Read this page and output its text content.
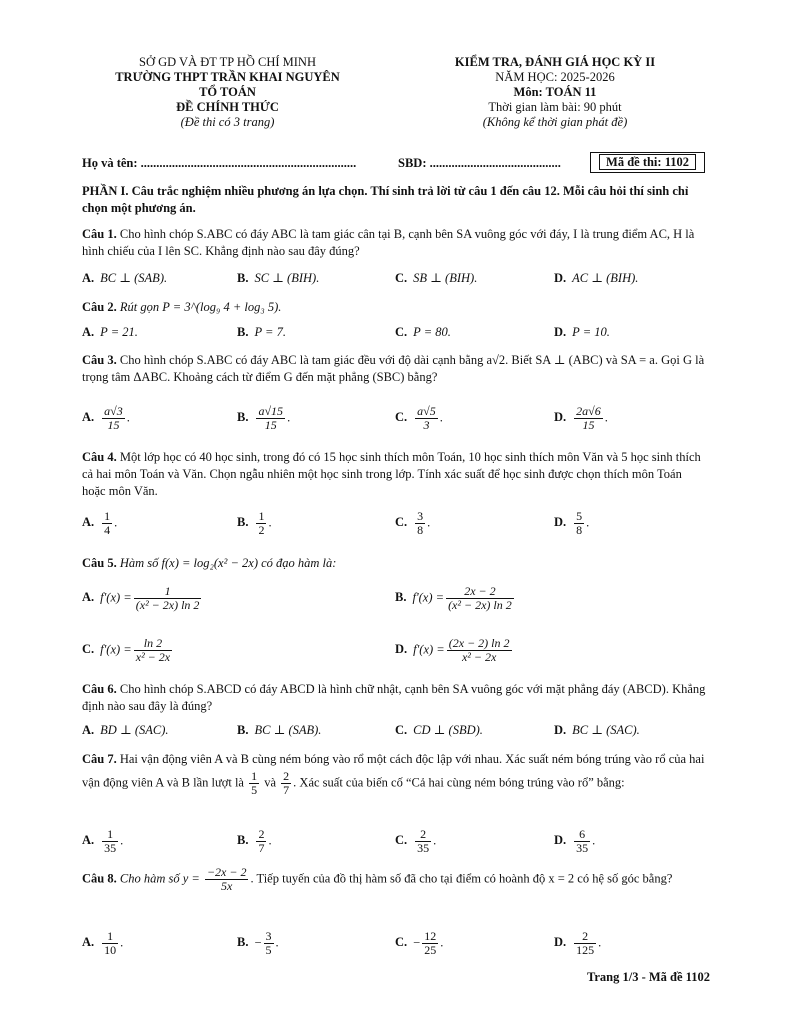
SỞ GD VÀ ĐT TP HỒ CHÍ MINH
TRƯỜNG THPT TRẦN KHAI NGUYÊN
TỔ TOÁN
ĐỀ CHÍNH THỨC
(Đề thi có 3 trang)
KIỂM TRA, ĐÁNH GIÁ HỌC KỲ II
NĂM HỌC: 2025-2026
Môn: TOÁN 11
Thời gian làm bài: 90 phút
(Không kể thời gian phát đề)
Họ và tên: .....................................................................	SBD: ..........................................	Mã đề thi: 1102
PHẦN I. Câu trắc nghiệm nhiều phương án lựa chọn. Thí sinh trả lời từ câu 1 đến câu 12. Mỗi câu hỏi thí sinh chỉ chọn một phương án.
Câu 1. Cho hình chóp S.ABC có đáy ABC là tam giác cân tại B, cạnh bên SA vuông góc với đáy, I là trung điểm AC, H là hình chiếu của I lên SC. Khẳng định nào sau đây đúng?
A. BC ⊥ (SAB).	B. SC ⊥ (BIH).	C. SB ⊥ (BIH).	D. AC ⊥ (BIH).
Câu 2. Rút gọn P = 3^(log₉ 4 + log₃ 5).
A. P = 21.	B. P = 7.	C. P = 80.	D. P = 10.
Câu 3. Cho hình chóp S.ABC có đáy ABC là tam giác đều với độ dài cạnh bằng a√2. Biết SA ⊥ (ABC) và SA = a. Gọi G là trọng tâm ΔABC. Khoảng cách từ điểm G đến mặt phẳng (SBC) bằng?
A. $\frac{a√3}{15}$ .	B. $\frac{a√15}{15}$ .	C. $\frac{a√5}{3}$ .	D. $\frac{2a√6}{15}$ .
Câu 4. Một lớp học có 40 học sinh, trong đó có 15 học sinh thích môn Toán, 10 học sinh thích môn Văn và 5 học sinh thích cả hai môn Toán và Văn. Chọn ngẫu nhiên một học sinh trong lớp. Tính xác suất để học sinh được chọn thích môn Toán hoặc môn Văn.
A. $\frac{1}{4}$ .	B. $\frac{1}{2}$ .	C. $\frac{3}{8}$ .	D. $\frac{5}{8}$ .
Câu 5. Hàm số f(x) = log₂(x² − 2x) có đạo hàm là:
A. $f'(x) = \frac{1}{\text{(x² − 2x) ln 2}}$	B. $f'(x) = \frac{2x - 2}{\text{(x² − 2x) ln 2}}$
C. $f'(x) = \frac{\ln 2}{\text{x² − 2x}}$	D. $f'(x) = \frac{(2x - 2) \ln 2}{\text{x² − 2x}}$
Câu 6. Cho hình chóp S.ABCD có đáy ABCD là hình chữ nhật, cạnh bên SA vuông góc với mặt phẳng đáy (ABCD). Khẳng định nào sau đây là đúng?
A. BD ⊥ (SAC).	B. BC ⊥ (SAB).	C. CD ⊥ (SBD).	D. BC ⊥ (SAC).
Câu 7. Hai vận động viên A và B cùng ném bóng vào rổ một cách độc lập với nhau. Xác suất ném bóng trúng vào rổ của hai vận động viên A và B lần lượt là $\frac{1}{5}$ và $\frac{2}{7}$ . Xác suất của biến cố “Cả hai cùng ném bóng trúng vào rổ” bằng:
A. $\frac{1}{35}$ .	B. $\frac{2}{7}$ .	C. $\frac{2}{35}$ .	D. $\frac{6}{35}$ .
Câu 8. Cho hàm số $y = \frac{-2x - 2}{5x}$ . Tiếp tuyến của đồ thị hàm số đã cho tại điểm có hoành độ x = 2 có hệ số góc bằng?
A. $\frac{1}{10}$ .	B. − $\frac{3}{5}$ .	C. − $\frac{12}{25}$ .	D. $\frac{2}{125}$ .
Trang 1/3 - Mã đề 1102
